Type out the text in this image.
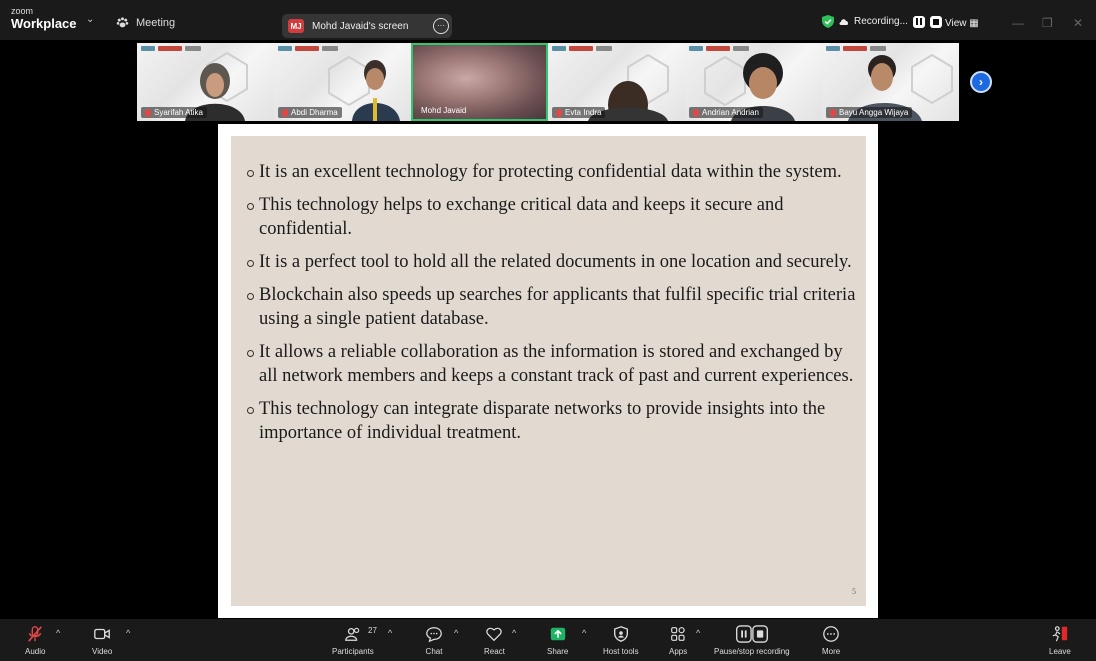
zoom
Workplace ⌄	Meeting	MJ Mohd Javaid's screen	···	Recording...	View ▦	— ❐ ✕
Syarifah Atika	Abdi Dharma	Mohd Javaid	Evta Indra	Andrian Andrian	Bayu Angga Wijaya
›
It is an excellent technology for protecting confidential data within the system.
This technology helps to exchange critical data and keeps it secure and confidential.
It is a perfect tool to hold all the related documents in one location and securely.
Blockchain also speeds up searches for applicants that fulfil specific trial criteria using a single patient database.
It allows a reliable collaboration as the information is stored and exchanged by all network members and keeps a constant track of past and current experiences.
This technology can integrate disparate networks to provide insights into the importance of individual treatment.
5
Audio
^
Video
^
Participants
27 ^
Chat
^
React
^
Share
^
Host tools	Apps
^
Pause/stop recording	More	Leave
